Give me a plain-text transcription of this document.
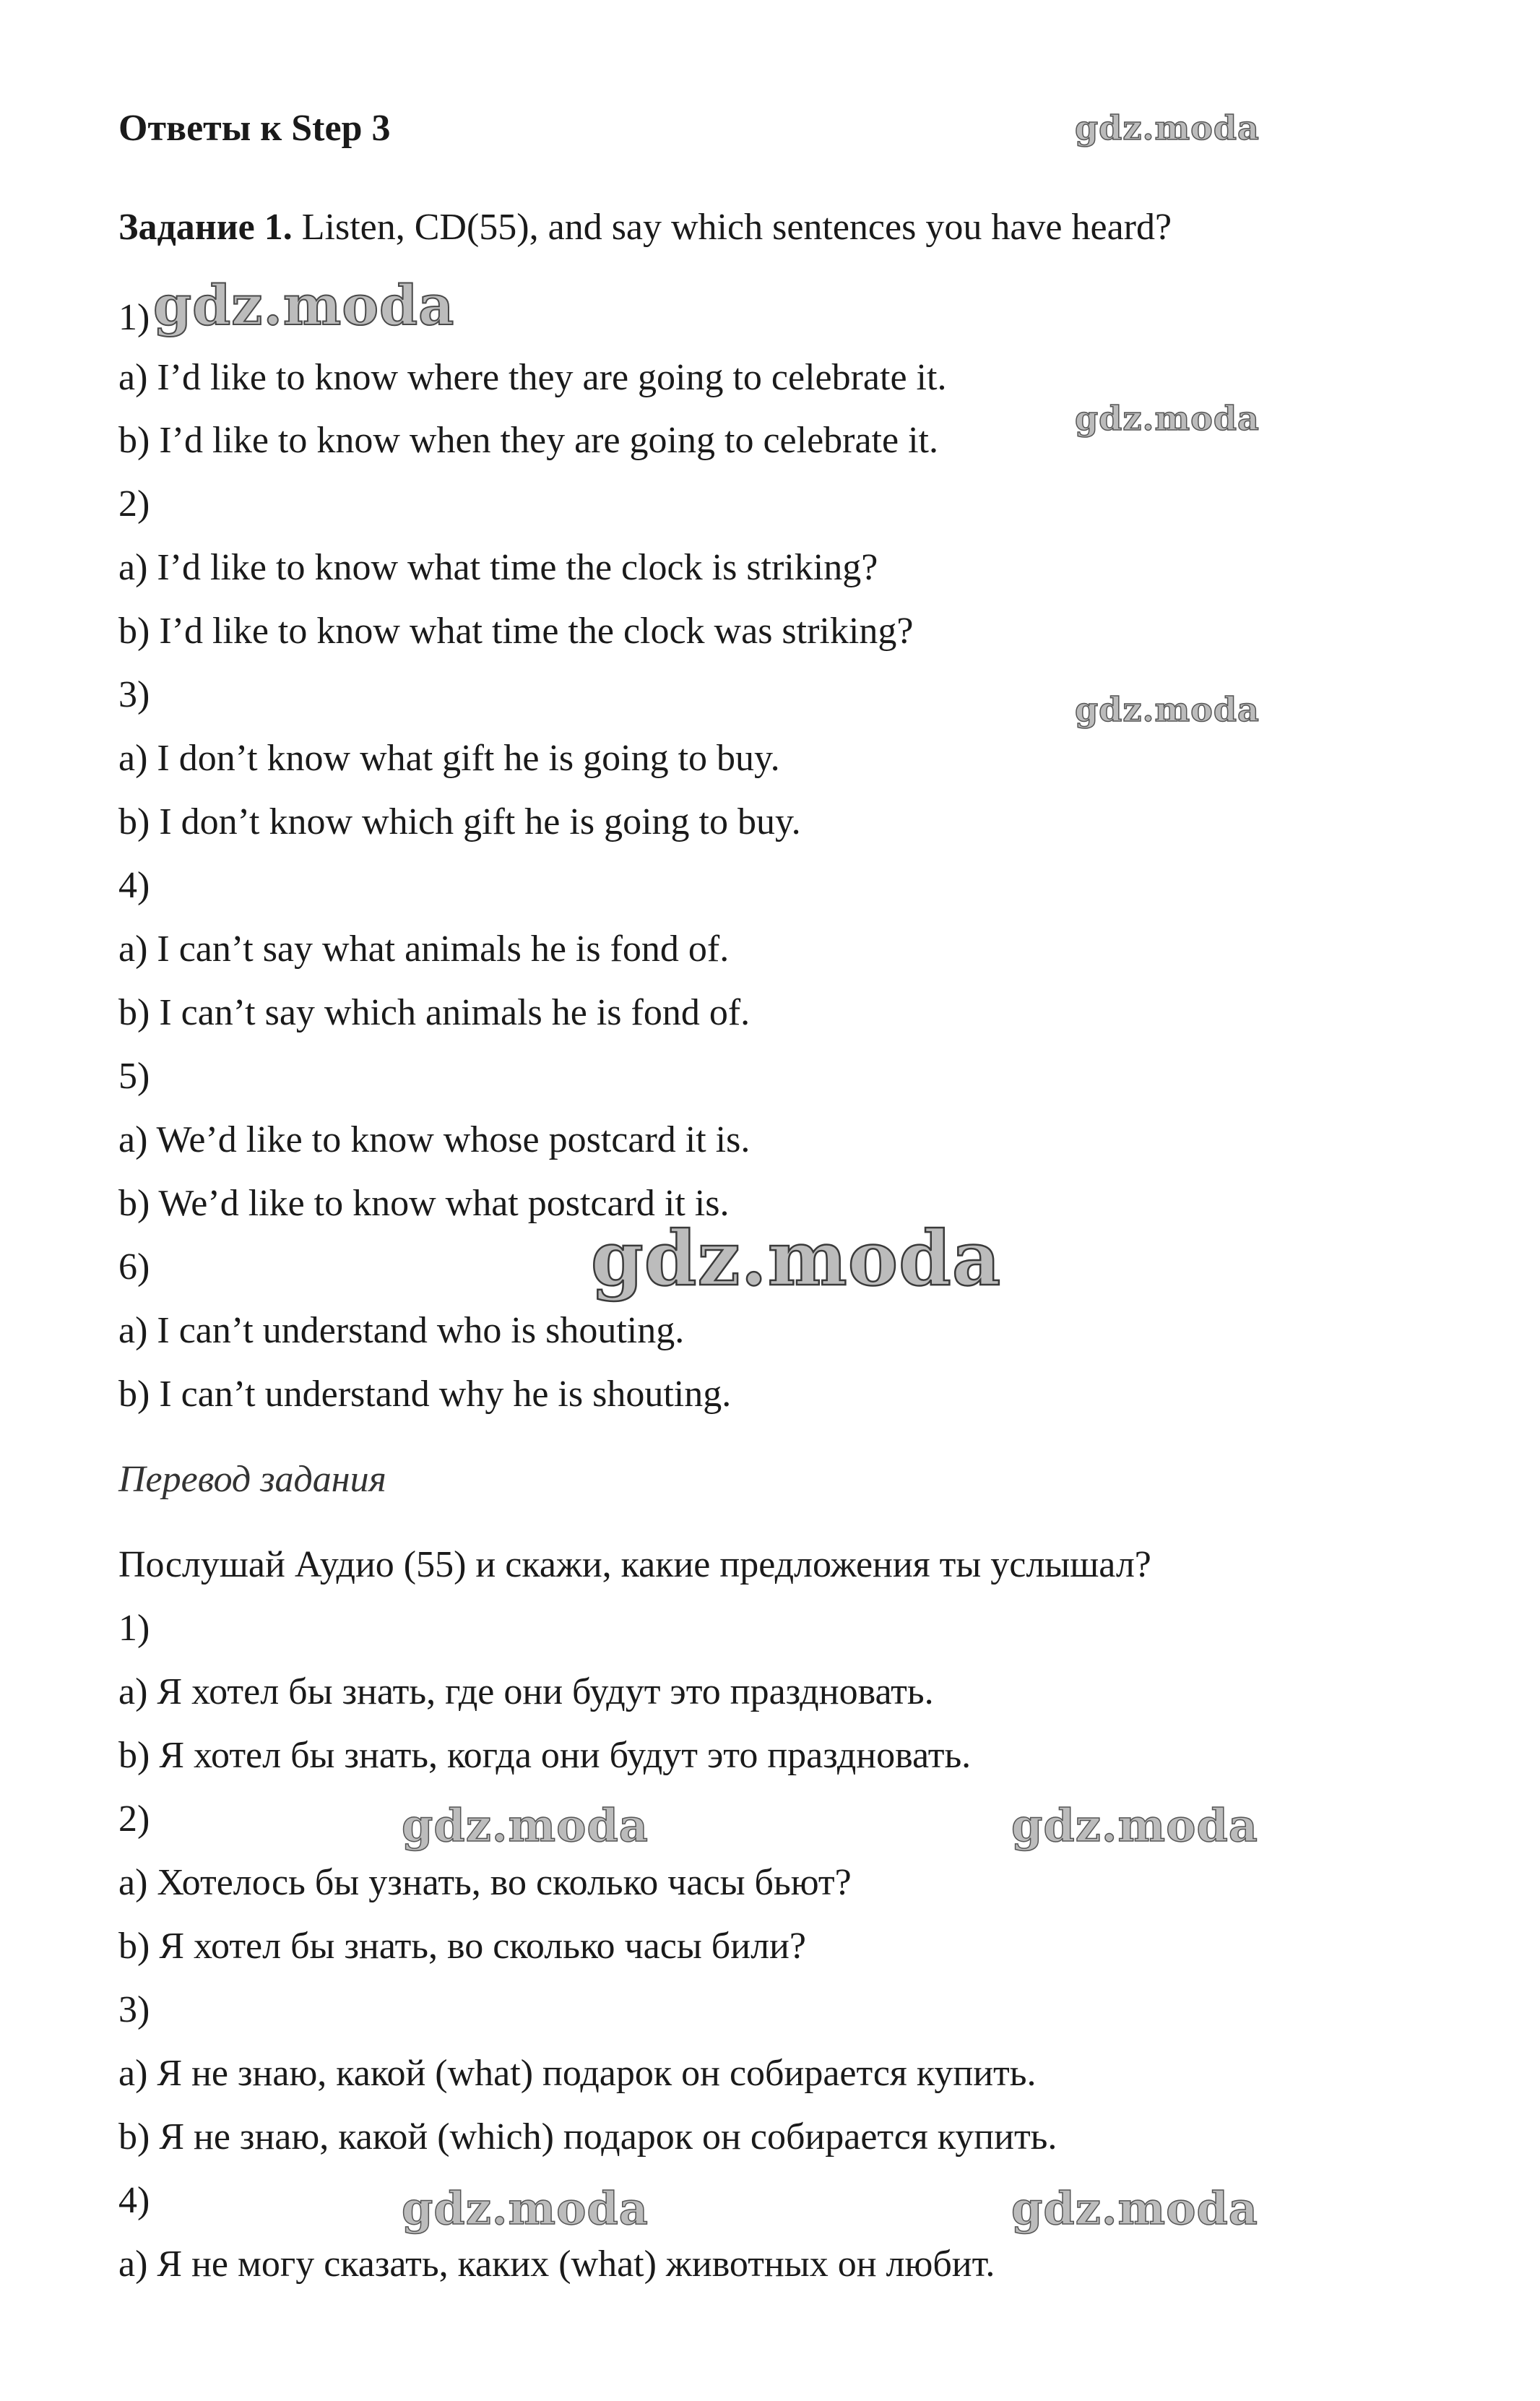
Ответы к Step 3
Задание 1. Listen, CD(55), and say which sentences you have heard?
1)
a) I’d like to know where they are going to celebrate it.
b) I’d like to know when they are going to celebrate it.
2)
a) I’d like to know what time the clock is striking?
b) I’d like to know what time the clock was striking?
3)
a) I don’t know what gift he is going to buy.
b) I don’t know which gift he is going to buy.
4)
a) I can’t say what animals he is fond of.
b) I can’t say which animals he is fond of.
5)
a) We’d like to know whose postcard it is.
b) We’d like to know what postcard it is.
6)
a) I can’t understand who is shouting.
b) I can’t understand why he is shouting.
Перевод задания
Послушай Аудио (55) и скажи, какие предложения ты услышал?
1)
a) Я хотел бы знать, где они будут это праздновать.
b) Я хотел бы знать, когда они будут это праздновать.
2)
a) Хотелось бы узнать, во сколько часы бьют?
b) Я хотел бы знать, во сколько часы били?
3)
a) Я не знаю, какой (what) подарок он собирается купить.
b) Я не знаю, какой (which) подарок он собирается купить.
4)
a) Я не могу сказать, каких (what) животных он любит.
gdz.moda
gdz.moda
gdz.moda
gdz.moda
gdz.moda
gdz.moda	gdz.moda
gdz.moda	gdz.moda
